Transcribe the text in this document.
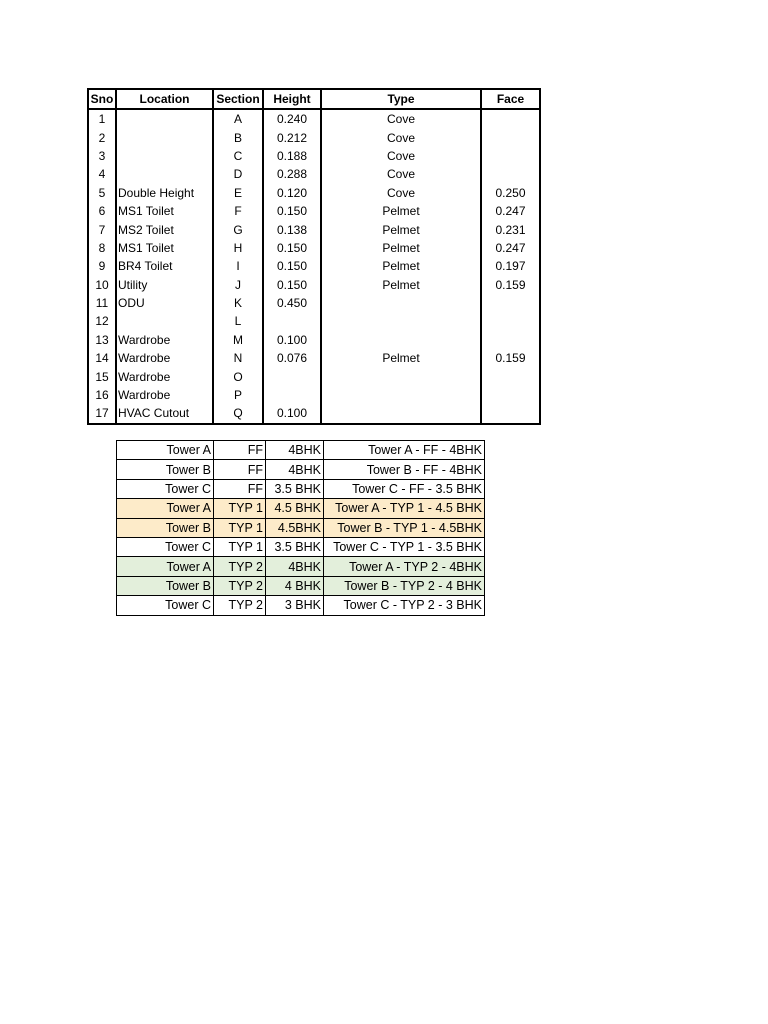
Sno	Location	Section	Height	Type	Face
1		A	0.240	Cove	
2		B	0.212	Cove	
3		C	0.188	Cove	
4		D	0.288	Cove	
5	Double Height	E	0.120	Cove	0.250
6	MS1 Toilet	F	0.150	Pelmet	0.247
7	MS2 Toilet	G	0.138	Pelmet	0.231
8	MS1 Toilet	H	0.150	Pelmet	0.247
9	BR4 Toilet	I	0.150	Pelmet	0.197
10	Utility	J	0.150	Pelmet	0.159
11	ODU	K	0.450		
12		L			
13	Wardrobe	M	0.100		
14	Wardrobe	N	0.076	Pelmet	0.159
15	Wardrobe	O			
16	Wardrobe	P			
17	HVAC Cutout	Q	0.100		
Tower A	FF	4BHK	Tower A - FF - 4BHK
Tower B	FF	4BHK	Tower B - FF - 4BHK
Tower C	FF	3.5 BHK	Tower C - FF - 3.5 BHK
Tower A	TYP 1	4.5 BHK	Tower A - TYP 1 - 4.5 BHK
Tower B	TYP 1	4.5BHK	Tower B - TYP 1 - 4.5BHK
Tower C	TYP 1	3.5 BHK	Tower C - TYP 1 - 3.5 BHK
Tower A	TYP 2	4BHK	Tower A - TYP 2 - 4BHK
Tower B	TYP 2	4 BHK	Tower B - TYP 2 - 4 BHK
Tower C	TYP 2	3 BHK	Tower C - TYP 2 - 3 BHK
